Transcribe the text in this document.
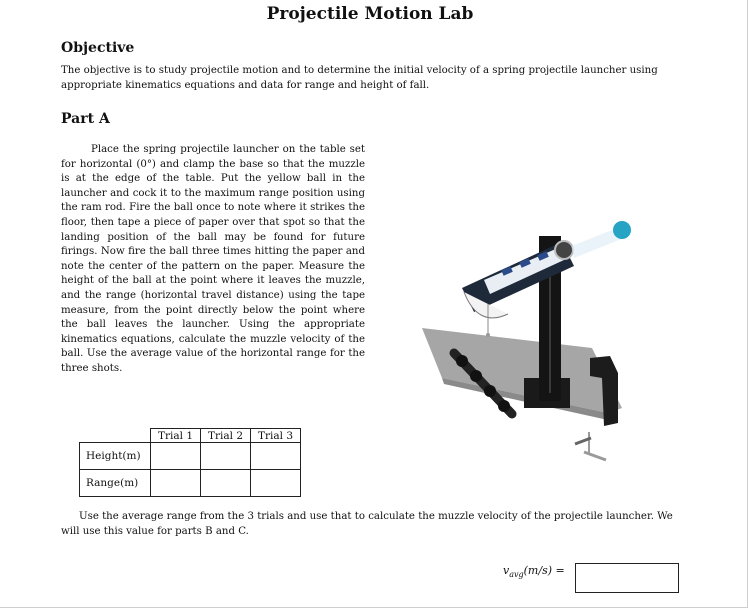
Projectile Motion Lab
Objective
The objective is to study projectile motion and to determine the initial velocity of a spring projectile launcher using appropriate kinematics equations and data for range and height of fall.
Part A
Place the spring projectile launcher on the table set for horizontal (0°) and clamp the base so that the muzzle is at the edge of the table. Put the yellow ball in the launcher and cock it to the maximum range position using the ram rod. Fire the ball once to note where it strikes the floor, then tape a piece of paper over that spot so that the landing position of the ball may be found for future firings. Now fire the ball three times hitting the paper and note the center of the pattern on the paper. Measure the height of the ball at the point where it leaves the muzzle, and the range (horizontal travel distance) using the tape measure, from the point directly below the point where the ball leaves the launcher. Using the appropriate kinematics equations, calculate the muzzle velocity of the ball. Use the average value of the horizontal range for the three shots.
	Trial 1	Trial 2	Trial 3
Height(m)			
Range(m)			
Use the average range from the 3 trials and use that to calculate the muzzle velocity of the projectile launcher. We will use this value for parts B and C.
$v_{avg}(m/s)$ =
